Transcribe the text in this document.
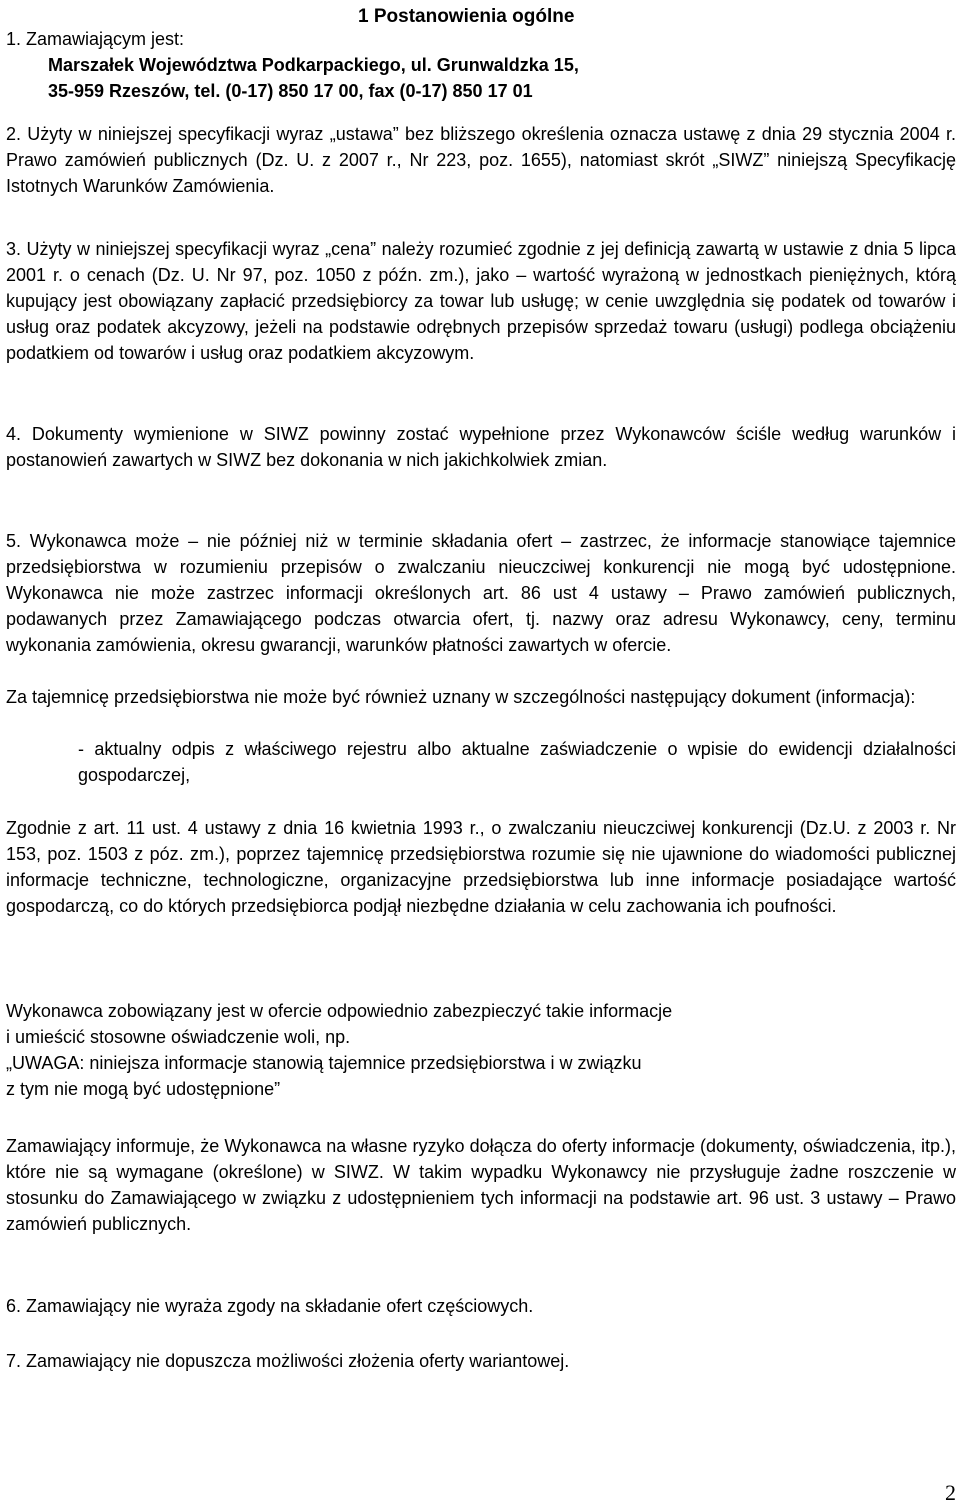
1 Postanowienia ogólne
1. Zamawiającym jest:
Marszałek Województwa Podkarpackiego, ul. Grunwaldzka 15,
35-959 Rzeszów, tel. (0-17) 850 17 00, fax (0-17) 850 17 01
2. Użyty w niniejszej specyfikacji wyraz „ustawa” bez bliższego określenia oznacza ustawę z dnia 29 stycznia 2004 r. Prawo zamówień publicznych (Dz. U. z 2007 r., Nr 223, poz. 1655), natomiast skrót „SIWZ” niniejszą Specyfikację Istotnych Warunków Zamówienia.
3. Użyty w niniejszej specyfikacji wyraz „cena” należy rozumieć zgodnie z jej definicją zawartą w ustawie z dnia 5 lipca 2001 r. o cenach (Dz. U. Nr 97, poz. 1050 z późn. zm.), jako – wartość wyrażoną w jednostkach pieniężnych, którą kupujący jest obowiązany zapłacić przedsiębiorcy za towar lub usługę; w cenie uwzględnia się podatek od towarów i usług oraz podatek akcyzowy, jeżeli na podstawie odrębnych przepisów sprzedaż towaru (usługi) podlega obciążeniu podatkiem od towarów i usług oraz podatkiem akcyzowym.
4. Dokumenty wymienione w SIWZ powinny zostać wypełnione przez Wykonawców ściśle według warunków i postanowień zawartych w SIWZ bez dokonania w nich jakichkolwiek zmian.
5. Wykonawca może – nie później niż w terminie składania ofert – zastrzec, że informacje stanowiące tajemnice przedsiębiorstwa w rozumieniu przepisów o zwalczaniu nieuczciwej konkurencji nie mogą być udostępnione. Wykonawca nie może zastrzec informacji określonych art. 86 ust 4 ustawy – Prawo zamówień publicznych, podawanych przez Zamawiającego podczas otwarcia ofert, tj. nazwy oraz adresu Wykonawcy, ceny, terminu wykonania zamówienia, okresu gwarancji, warunków płatności zawartych w ofercie.
Za tajemnicę przedsiębiorstwa nie może być również uznany w szczególności następujący dokument (informacja):
- aktualny odpis z właściwego rejestru albo aktualne zaświadczenie o wpisie do ewidencji działalności gospodarczej,
Zgodnie z art. 11 ust. 4 ustawy z dnia 16 kwietnia 1993 r., o zwalczaniu nieuczciwej konkurencji (Dz.U. z 2003 r. Nr 153, poz. 1503 z póz. zm.), poprzez tajemnicę przedsiębiorstwa rozumie się nie ujawnione do wiadomości publicznej informacje techniczne, technologiczne, organizacyjne przedsiębiorstwa lub inne informacje posiadające wartość gospodarczą, co do których przedsiębiorca podjął niezbędne działania w celu zachowania ich poufności.
Wykonawca zobowiązany jest w ofercie odpowiednio zabezpieczyć takie informacje
i umieścić stosowne oświadczenie woli, np.
„UWAGA: niniejsza informacje stanowią tajemnice przedsiębiorstwa i w związku
z tym nie mogą być udostępnione”
Zamawiający informuje, że Wykonawca na własne ryzyko dołącza do oferty informacje (dokumenty, oświadczenia, itp.), które nie są wymagane (określone) w SIWZ. W takim wypadku Wykonawcy nie przysługuje żadne roszczenie w stosunku do Zamawiającego w związku z udostępnieniem tych informacji na podstawie art. 96 ust. 3 ustawy – Prawo zamówień publicznych.
6. Zamawiający nie wyraża zgody na składanie ofert częściowych.
7. Zamawiający nie dopuszcza możliwości złożenia oferty wariantowej.
2
